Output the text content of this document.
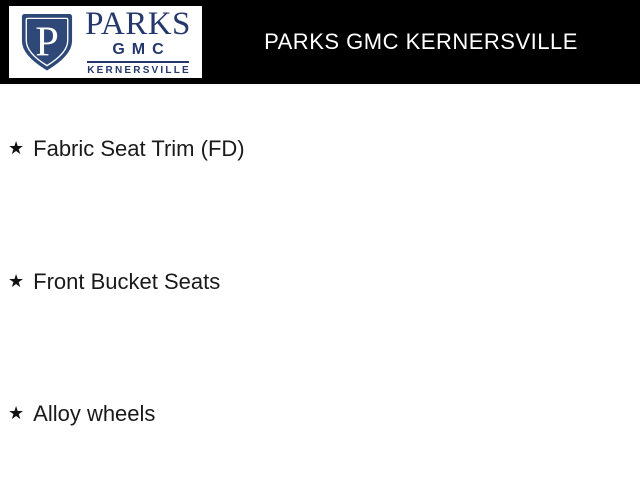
P PARKS
GMC
KERNERSVILLE
PARKS GMC KERNERSVILLE
★ Fabric Seat Trim (FD)
★ Front Bucket Seats
★ Alloy wheels
